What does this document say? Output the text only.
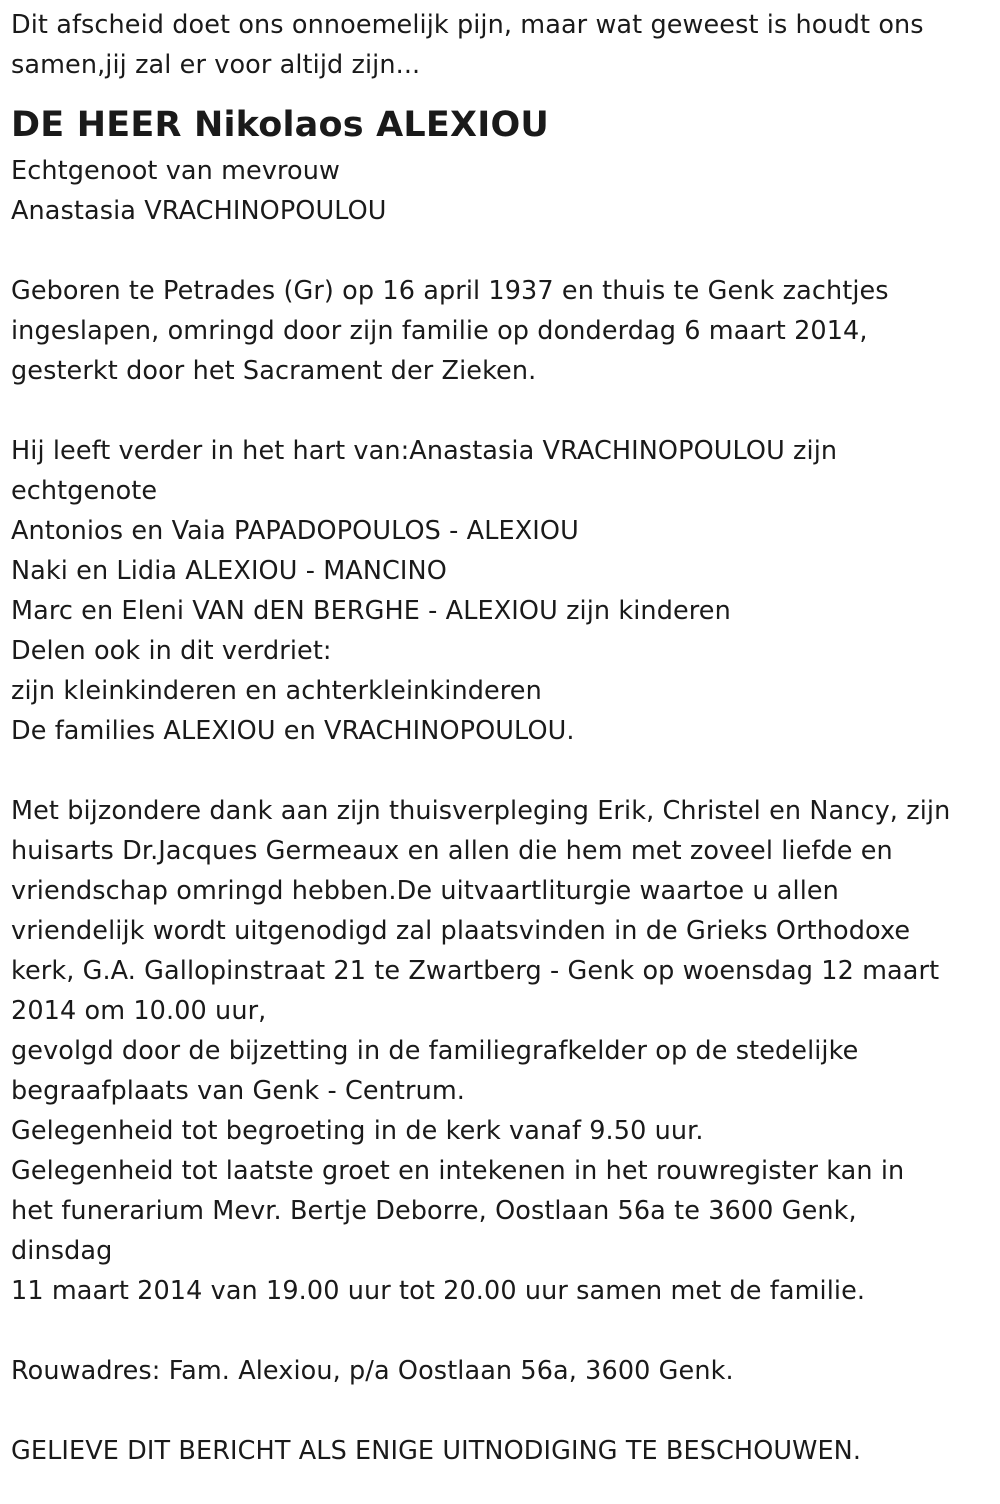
Dit afscheid doet ons onnoemelijk pijn, maar wat geweest is houdt ons
samen,jij zal er voor altijd zijn...
DE HEER Nikolaos ALEXIOU
Echtgenoot van mevrouw
Anastasia VRACHINOPOULOU
Geboren te Petrades (Gr) op 16 april 1937 en thuis te Genk zachtjes
ingeslapen, omringd door zijn familie op donderdag 6 maart 2014,
gesterkt door het Sacrament der Zieken.
Hij leeft verder in het hart van:Anastasia VRACHINOPOULOU zijn
echtgenote
Antonios en Vaia PAPADOPOULOS - ALEXIOU
Naki en Lidia ALEXIOU - MANCINO
Marc en Eleni VAN dEN BERGHE - ALEXIOU zijn kinderen
Delen ook in dit verdriet:
zijn kleinkinderen en achterkleinkinderen
De families ALEXIOU en VRACHINOPOULOU.
Met bijzondere dank aan zijn thuisverpleging Erik, Christel en Nancy, zijn
huisarts Dr.Jacques Germeaux en allen die hem met zoveel liefde en
vriendschap omringd hebben.De uitvaartliturgie waartoe u allen
vriendelijk wordt uitgenodigd zal plaatsvinden in de Grieks Orthodoxe
kerk, G.A. Gallopinstraat 21 te Zwartberg - Genk op woensdag 12 maart
2014 om 10.00 uur,
gevolgd door de bijzetting in de familiegrafkelder op de stedelijke
begraafplaats van Genk - Centrum.
Gelegenheid tot begroeting in de kerk vanaf 9.50 uur.
Gelegenheid tot laatste groet en intekenen in het rouwregister kan in
het funerarium Mevr. Bertje Deborre, Oostlaan 56a te 3600 Genk,
dinsdag
11 maart 2014 van 19.00 uur tot 20.00 uur samen met de familie.
Rouwadres: Fam. Alexiou, p/a Oostlaan 56a, 3600 Genk.
GELIEVE DIT BERICHT ALS ENIGE UITNODIGING TE BESCHOUWEN.
